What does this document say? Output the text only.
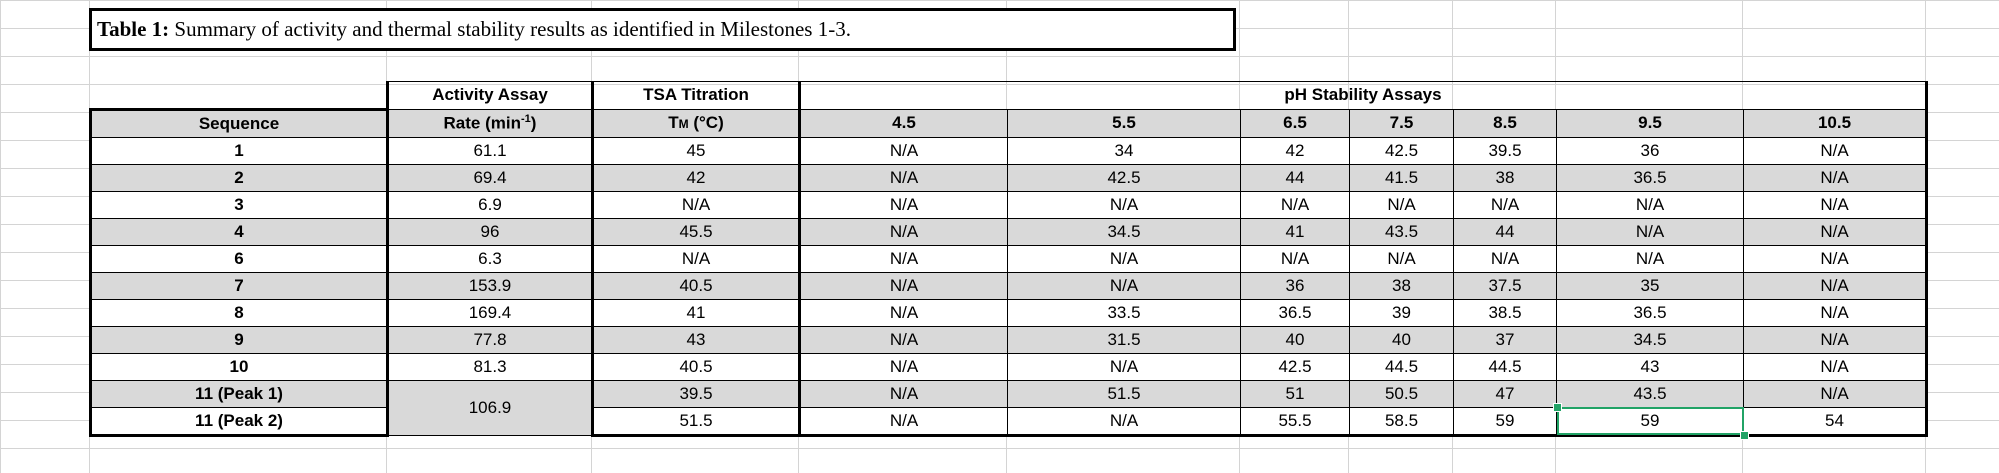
Table 1: Summary of activity and thermal stability results as identified in Milestones 1-3.
	Activity Assay	TSA Titration	pH Stability Assays						
Sequence	Rate $(\min^{-1})$	TM (°C)	4.5	5.5	6.5	7.5	8.5	9.5	10.5
1	61.1	45	N/A	34	42	42.5	39.5	36	N/A
2	69.4	42	N/A	42.5	44	41.5	38	36.5	N/A
3	6.9	N/A	N/A	N/A	N/A	N/A	N/A	N/A	N/A
4	96	45.5	N/A	34.5	41	43.5	44	N/A	N/A
6	6.3	N/A	N/A	N/A	N/A	N/A	N/A	N/A	N/A
7	153.9	40.5	N/A	N/A	36	38	37.5	35	N/A
8	169.4	41	N/A	33.5	36.5	39	38.5	36.5	N/A
9	77.8	43	N/A	31.5	40	40	37	34.5	N/A
10	81.3	40.5	N/A	N/A	42.5	44.5	44.5	43	N/A
11 (Peak 1)	106.9	39.5	N/A	51.5	51	50.5	47	43.5	N/A
11 (Peak 2)		51.5	N/A	N/A	55.5	58.5	59	59	54
